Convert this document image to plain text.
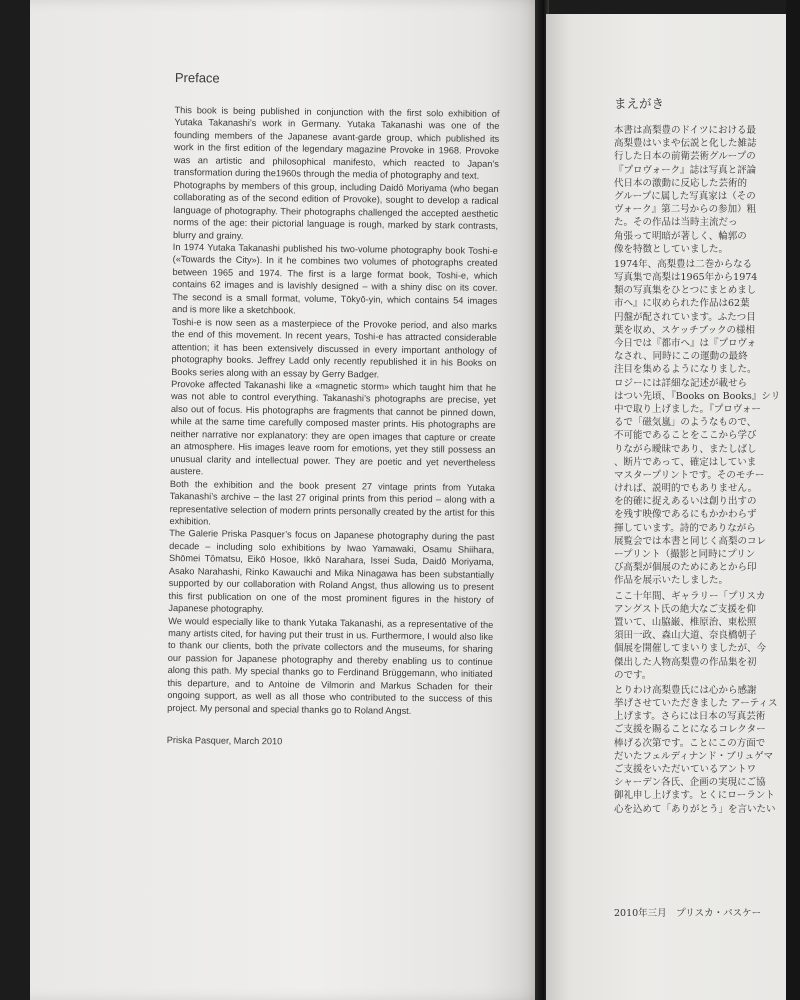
Preface

This book is being published in conjunction with the first solo exhibition of Yutaka Takanashi’s work in Germany. Yutaka Takanashi was one of the founding members of the Japanese avant-garde group, which published its work in the first edition of the legendary magazine Provoke in 1968. Provoke was an artistic and philosophical manifesto, which reacted to Japan’s transformation during the1960s through the media of photography and text.

Photographs by members of this group, including Daidō Moriyama (who began collaborating as of the second edition of Provoke), sought to develop a radical language of photography. Their photographs challenged the accepted aesthetic norms of the age: their pictorial language is rough, marked by stark contrasts, blurry and grainy.

In 1974 Yutaka Takanashi published his two-volume photography book Toshi-e («Towards the City»). In it he combines two volumes of photographs created between 1965 and 1974. The first is a large format book, Toshi-e, which contains 62 images and is lavishly designed – with a shiny disc on its cover. The second is a small format, volume, Tōkyō-yin, which contains 54 images and is more like a sketchbook.

Toshi-e is now seen as a masterpiece of the Provoke period, and also marks the end of this movement. In recent years, Toshi-e has attracted considerable attention; it has been extensively discussed in every important anthology of photography books. Jeffrey Ladd only recently republished it in his Books on Books series along with an essay by Gerry Badger.

Provoke affected Takanashi like a «magnetic storm» which taught him that he was not able to control everything. Takanashi’s photographs are precise, yet also out of focus. His photographs are fragments that cannot be pinned down, while at the same time carefully composed master prints. His photographs are neither narrative nor explanatory: they are open images that capture or create an atmosphere. His images leave room for emotions, yet they still possess an unusual clarity and intellectual power. They are poetic and yet nevertheless austere.

Both the exhibition and the book present 27 vintage prints from Yutaka Takanashi’s archive – the last 27 original prints from this period – along with a representative selection of modern prints personally created by the artist for this exhibition.

The Galerie Priska Pasquer’s focus on Japanese photography during the past decade – including solo exhibitions by Iwao Yamawaki, Osamu Shiihara, Shōmei Tōmatsu, Eikō Hosoe, Ikkō Narahara, Issei Suda, Daidō Moriyama, Asako Narahashi, Rinko Kawauchi and Mika Ninagawa has been substantially supported by our collaboration with Roland Angst, thus allowing us to present this first publication on one of the most prominent figures in the history of Japanese photography.

We would especially like to thank Yutaka Takanashi, as a representative of the many artists cited, for having put their trust in us. Furthermore, I would also like to thank our clients, both the private collectors and the museums, for sharing our passion for Japanese photography and thereby enabling us to continue along this path. My special thanks go to Ferdinand Brüggemann, who initiated this departure, and to Antoine de Vilmorin and Markus Schaden for their ongoing support, as well as all those who contributed to the success of this project. My personal and special thanks go to Roland Angst.

Priska Pasquer, March 2010
まえがき
本書は高梨豊のドイツにおける最
高梨豊はいまや伝説と化した雑誌
行した日本の前衛芸術グループの
『プロヴォーク』誌は写真と評論
代日本の激動に反応した芸術的
グループに属した写真家は（その
ヴォーク』第二号からの参加）粗
た。その作品は当時主流だっ
角張って明暗が著しく、輪郭の
像を特徴としていました。
1974年、高梨豊は二巻からなる
写真集で高梨は1965年から1974
類の写真集をひとつにまとめまし
市へ』に収められた作品は62葉
円盤が配されています。ふたつ目
葉を収め、スケッチブックの様相
今日では『都市へ』は『プロヴォ
なされ、同時にこの運動の最終
注目を集めるようになりました。
ロジーには詳細な記述が載せら
はつい先頃、『Books on Books』シリ
中で取り上げました。『プロヴォー
るで「磁気嵐」のようなもので、
不可能であることをここから学び
りながら曖昧であり、またしばし
、断片であって、確定はしていま
マスタープリントです。そのモチー
ければ、説明的でもありません。
を的確に捉えあるいは創り出すの
を残す映像であるにもかかわらず
揮しています。詩的でありながら
展覧会では本書と同じく高梨のコレ
ープリント（撮影と同時にプリン
び高梨が個展のためにあとから印
作品を展示いたしました。
ここ十年間、ギャラリー「プリスカ
アングスト氏の絶大なご支援を仰
置いて、山脇巌、椎原治、東松照
須田一政、森山大道、奈良橋朝子
個展を開催してまいりましたが、今
傑出した人物高梨豊の作品集を初
のです。
とりわけ高梨豊氏には心から感謝
挙げさせていただきました アーティス
上げます。さらには日本の写真芸術
ご支援を賜ることになるコレクター
棒げる次第です。ことにこの方面で
だいたフェルディナンド・ブリュゲマ
ご支援をいただいているアントワ
シャーデン各氏、企画の実現にご協
御礼申し上げます。とくにローラント
心を込めて「ありがとう」を言いたい
2010年三月　プリスカ・パスケー
